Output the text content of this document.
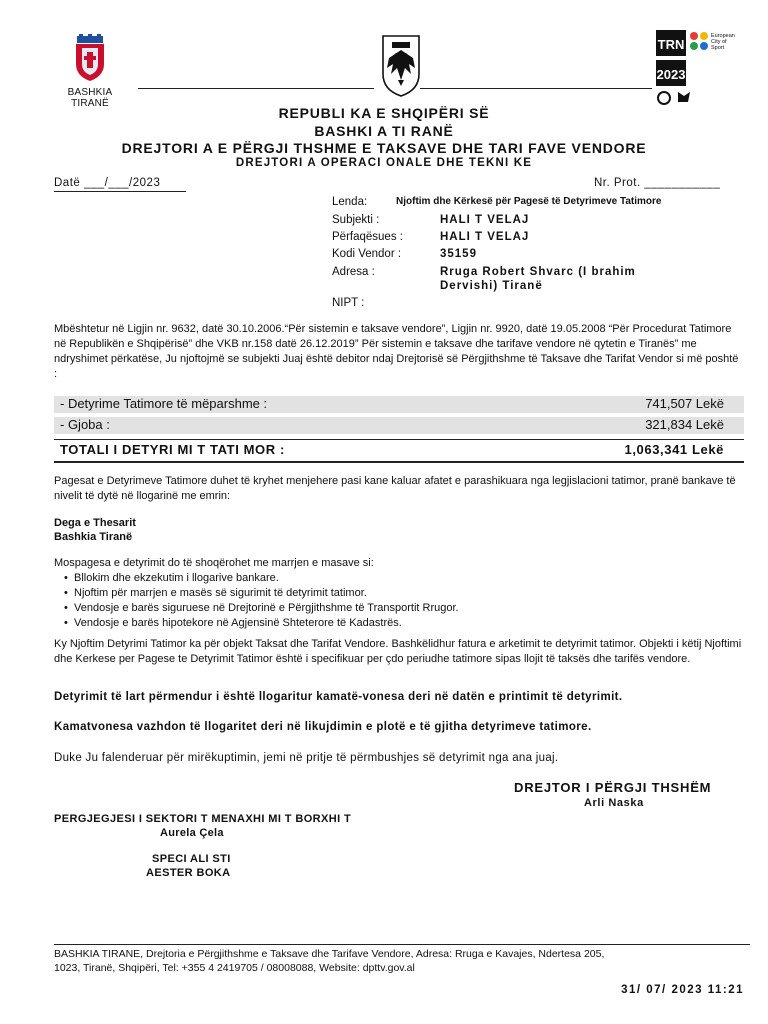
BASHKIA
TIRANË
TRN
European
City of
Sport
2023
REPUBLI KA E SHQIPËRI SË
BASHKI A TI RANË
DREJTORI A E PËRGJI THSHME E TAKSAVE DHE TARI FAVE VENDORE
DREJTORI A OPERACI ONALE DHE TEKNI KE
Datë ___/___/2023	Nr. Prot. ___________
Lenda:	Njoftim dhe Kërkesë për Pagesë të Detyrimeve Tatimore
Subjekti :	HALI T VELAJ
Përfaqësues :	HALI T VELAJ
Kodi Vendor :	35159
Adresa :	Rruga Robert Shvarc (I brahim
Dervishi) Tiranë
NIPT :
Mbështetur në Ligjin nr. 9632, datë 30.10.2006.“Për sistemin e taksave vendore”, Ligjin nr. 9920, datë 19.05.2008 “Për Procedurat Tatimore në Republikën e Shqipërisë” dhe VKB nr.158 datë 26.12.2019” Për sistemin e taksave dhe tarifave vendore në qytetin e Tiranës” me ndryshimet përkatëse, Ju njoftojmë se subjekti Juaj është debitor ndaj Drejtorisë së Përgjithshme të Taksave dhe Tarifat Vendor si më poshtë :
- Detyrime Tatimore të mëparshme :	741,507 Lekë
- Gjoba :	321,834 Lekë
TOTALI I DETYRI MI T TATI MOR :	1,063,341 Lekë
Pagesat e Detyrimeve Tatimore duhet të kryhet menjehere pasi kane kaluar afatet e parashikuara nga legjislacioni tatimor, pranë bankave të nivelit të dytë në llogarinë me emrin:
Dega e Thesarit
Bashkia Tiranë
Mospagesa e detyrimit do të shoqërohet me marrjen e masave si:
• Bllokim dhe ekzekutim i llogarive bankare.
• Njoftim për marrjen e masës së sigurimit të detyrimit tatimor.
• Vendosje e barës siguruese në Drejtorinë e Përgjithshme të Transportit Rrugor.
• Vendosje e barës hipotekore në Agjensinë Shteterore të Kadastrës.
Ky Njoftim Detyrimi Tatimor ka për objekt Taksat dhe Tarifat Vendore. Bashkëlidhur fatura e arketimit te detyrimit tatimor. Objekti i këtij Njoftimi dhe Kerkese per Pagese te Detyrimit Tatimor është i specifikuar per çdo periudhe tatimore sipas llojit të taksës dhe tarifës vendore.
Detyrimit të lart përmendur i është llogaritur kamatë-vonesa deri në datën e printimit të detyrimit.
Kamatvonesa vazhdon të llogaritet deri në likujdimin e plotë e të gjitha detyrimeve tatimore.
Duke Ju falenderuar për mirëkuptimin, jemi në pritje të përmbushjes së detyrimit nga ana juaj.
DREJTOR I PËRGJI THSHËM
Arli Naska
PERGJEGJESI I SEKTORI T MENAXHI MI T BORXHI T
Aurela Çela
SPECI ALI STI
AESTER BOKA
BASHKIA TIRANE, Drejtoria e Përgjithshme e Taksave dhe Tarifave Vendore, Adresa: Rruga e Kavajes, Ndertesa 205,
1023, Tiranë, Shqipëri, Tel: +355 4 2419705 / 08008088, Website: dpttv.gov.al
31/ 07/ 2023 11:21
